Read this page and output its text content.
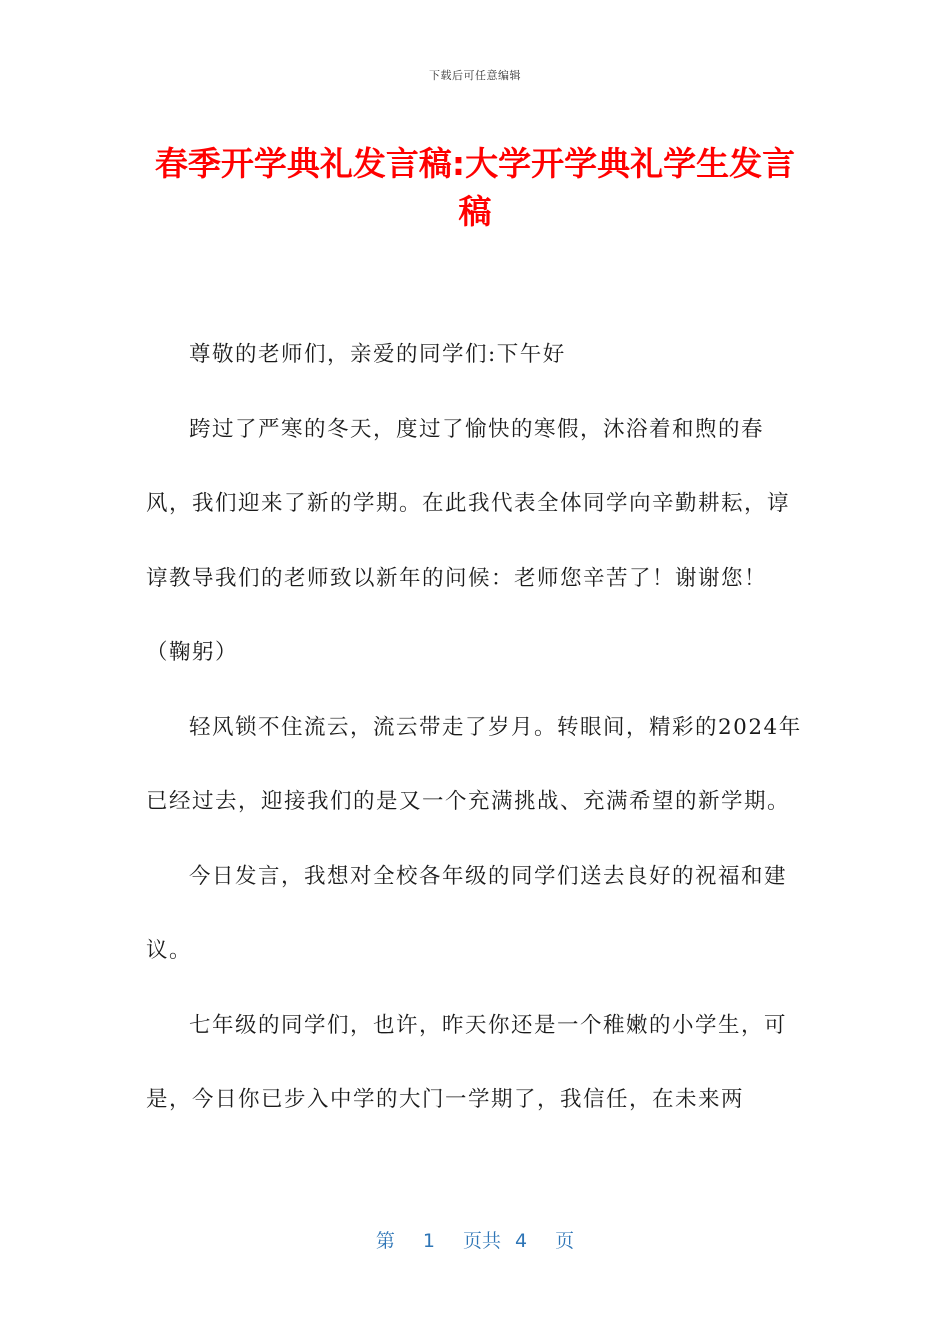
下载后可任意编辑
春季开学典礼发言稿:大学开学典礼学生发言稿

尊敬的老师们，亲爱的同学们:下午好

跨过了严寒的冬天，度过了愉快的寒假，沐浴着和煦的春风，我们迎来了新的学期。在此我代表全体同学向辛勤耕耘，谆谆教导我们的老师致以新年的问候：老师您辛苦了！谢谢您！（鞠躬）

轻风锁不住流云，流云带走了岁月。转眼间，精彩的2024年已经过去，迎接我们的是又一个充满挑战、充满希望的新学期。

今日发言，我想对全校各年级的同学们送去良好的祝福和建议。

七年级的同学们，也许，昨天你还是一个稚嫩的小学生，可是，今日你已步入中学的大门一学期了，我信任，在未来两

第 1 页共 4 页
